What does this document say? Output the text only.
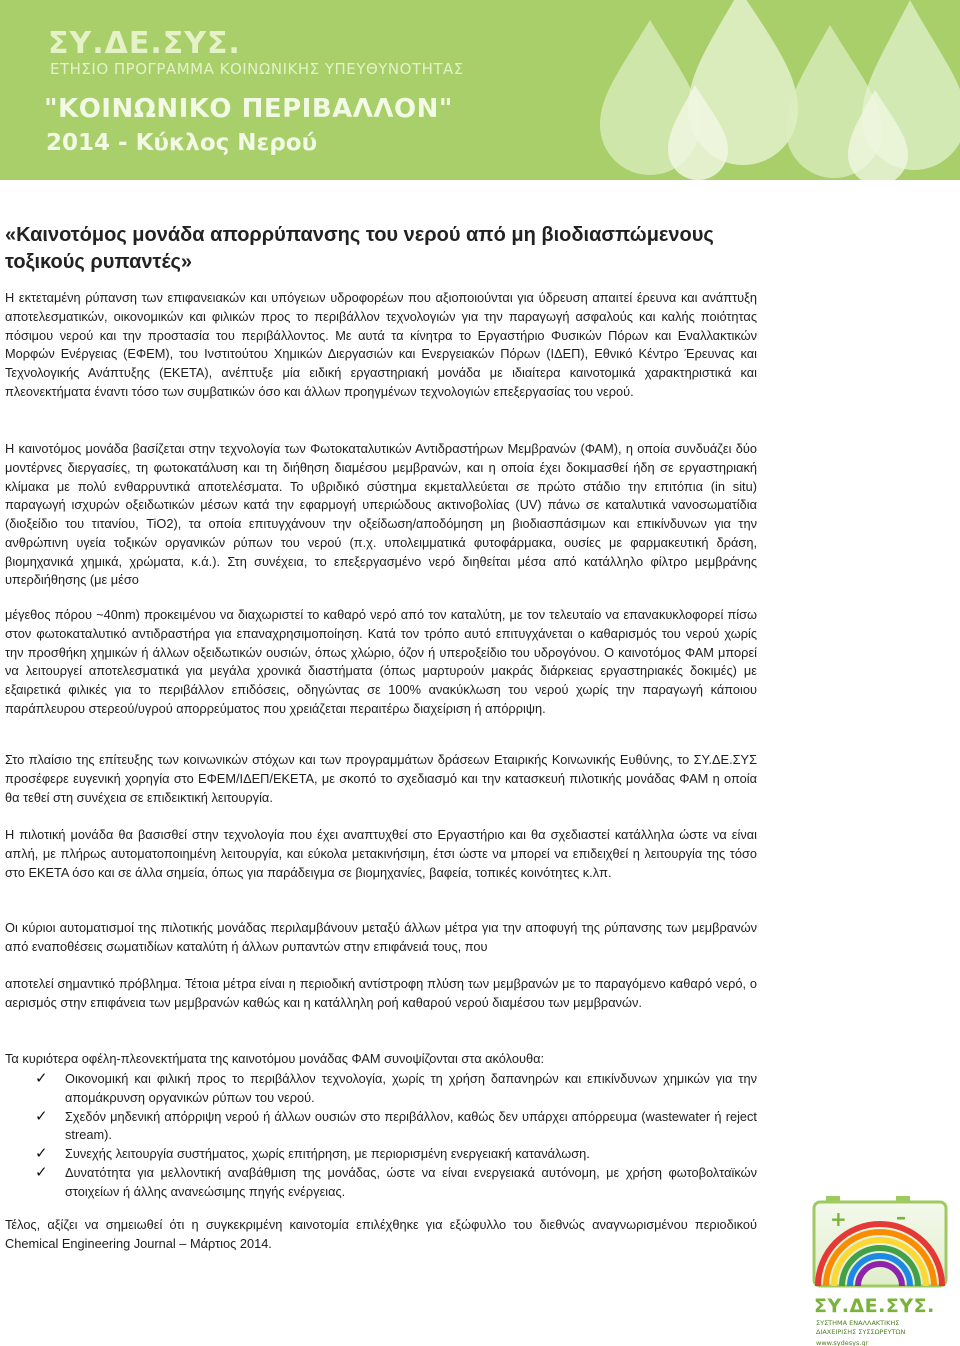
ΣΥ.ΔΕ.ΣΥΣ.
ΕΤΗΣΙΟ ΠΡΟΓΡΑΜΜΑ ΚΟΙΝΩΝΙΚΗΣ ΥΠΕΥΘΥΝΟΤΗΤΑΣ
"ΚΟΙΝΩΝΙΚΟ ΠΕΡΙΒΑΛΛΟΝ"
2014 - Κύκλος Νερού
«Καινοτόμος μονάδα απορρύπανσης του νερού από μη βιοδιασπώμενους
τοξικούς ρυπαντές»

Η εκτεταμένη ρύπανση των επιφανειακών και υπόγειων υδροφορέων που αξιοποιούνται για ύδρευση απαιτεί έρευνα και ανάπτυξη αποτελεσματικών, οικονομικών και φιλικών προς το περιβάλλον τεχνολογιών για την παραγωγή ασφαλούς και καλής ποιότητας πόσιμου νερού και την προστασία του περιβάλλοντος. Με αυτά τα κίνητρα το Εργαστήριο Φυσικών Πόρων και Εναλλακτικών Μορφών Ενέργειας (ΕΦΕΜ), του Ινστιτούτου Χημικών Διεργασιών και Ενεργειακών Πόρων (ΙΔΕΠ), Εθνικό Κέντρο Έρευνας και Τεχνολογικής Ανάπτυξης (ΕΚΕΤΑ), ανέπτυξε μία ειδική εργαστηριακή μονάδα με ιδιαίτερα καινοτομικά χαρακτηριστικά και πλεονεκτήματα έναντι τόσο των συμβατικών όσο και άλλων προηγμένων τεχνολογιών επεξεργασίας του νερού.

Η καινοτόμος μονάδα βασίζεται στην τεχνολογία των Φωτοκαταλυτικών Αντιδραστήρων Μεμβρανών (ΦΑΜ), η οποία συνδυάζει δύο μοντέρνες διεργασίες, τη φωτοκατάλυση και τη διήθηση διαμέσου μεμβρανών, και η οποία έχει δοκιμασθεί ήδη σε εργαστηριακή κλίμακα με πολύ ενθαρρυντικά αποτελέσματα. Το υβριδικό σύστημα εκμεταλλεύεται σε πρώτο στάδιο την επιτόπια (in situ) παραγωγή ισχυρών οξειδωτικών μέσων κατά την εφαρμογή υπεριώδους ακτινοβολίας (UV) πάνω σε καταλυτικά νανοσωματίδια (διοξείδιο του τιτανίου, TiO2), τα οποία επιτυγχάνουν την οξείδωση/αποδόμηση μη βιοδιασπάσιμων και επικίνδυνων για την ανθρώπινη υγεία τοξικών οργανικών ρύπων του νερού (π.χ. υπολειμματικά φυτοφάρμακα, ουσίες με φαρμακευτική δράση, βιομηχανικά χημικά, χρώματα, κ.ά.). Στη συνέχεια, το επεξεργασμένο νερό διηθείται μέσα από κατάλληλο φίλτρο μεμβράνης υπερδιήθησης (με μέσο

μέγεθος πόρου ~40nm) προκειμένου να διαχωριστεί το καθαρό νερό από τον καταλύτη, με τον τελευταίο να επανακυκλοφορεί πίσω στον φωτοκαταλυτικό αντιδραστήρα για επαναχρησιμοποίηση. Κατά τον τρόπο αυτό επιτυγχάνεται ο καθαρισμός του νερού χωρίς την προσθήκη χημικών ή άλλων οξειδωτικών ουσιών, όπως χλώριο, όζον ή υπεροξείδιο του υδρογόνου. Ο καινοτόμος ΦΑΜ μπορεί να λειτουργεί αποτελεσματικά για μεγάλα χρονικά διαστήματα (όπως μαρτυρούν μακράς διάρκειας εργαστηριακές δοκιμές) με εξαιρετικά φιλικές για το περιβάλλον επιδόσεις, οδηγώντας σε 100% ανακύκλωση του νερού χωρίς την παραγωγή κάποιου παράπλευρου στερεού/υγρού απορρεύματος που χρειάζεται περαιτέρω διαχείριση ή απόρριψη.

Στο πλαίσιο της επίτευξης των κοινωνικών στόχων και των προγραμμάτων δράσεων Εταιρικής Κοινωνικής Ευθύνης, το ΣΥ.ΔΕ.ΣΥΣ προσέφερε ευγενική χορηγία στο ΕΦΕΜ/ΙΔΕΠ/ΕΚΕΤΑ, με σκοπό το σχεδιασμό και την κατασκευή πιλοτικής μονάδας ΦΑΜ η οποία θα τεθεί στη συνέχεια σε επιδεικτική λειτουργία.

Η πιλοτική μονάδα θα βασισθεί στην τεχνολογία που έχει αναπτυχθεί στο Εργαστήριο και θα σχεδιαστεί κατάλληλα ώστε να είναι απλή, με πλήρως αυτοματοποιημένη λειτουργία, και εύκολα μετακινήσιμη, έτσι ώστε να μπορεί να επιδειχθεί η λειτουργία της τόσο στο ΕΚΕΤΑ όσο και σε άλλα σημεία, όπως για παράδειγμα σε βιομηχανίες, βαφεία, τοπικές κοινότητες κ.λπ.

Οι κύριοι αυτοματισμοί της πιλοτικής μονάδας περιλαμβάνουν μεταξύ άλλων μέτρα για την αποφυγή της ρύπανσης των μεμβρανών από εναποθέσεις σωματιδίων καταλύτη ή άλλων ρυπαντών στην επιφάνειά τους, που

αποτελεί σημαντικό πρόβλημα. Τέτοια μέτρα είναι η περιοδική αντίστροφη πλύση των μεμβρανών με το παραγόμενο καθαρό νερό, ο αερισμός στην επιφάνεια των μεμβρανών καθώς και η κατάλληλη ροή καθαρού νερού διαμέσου των μεμβρανών.

Τα κυριότερα οφέλη-πλεονεκτήματα της καινοτόμου μονάδας ΦΑΜ συνοψίζονται στα ακόλουθα:

✓	Οικονομική και φιλική προς το περιβάλλον τεχνολογία, χωρίς τη χρήση δαπανηρών και επικίνδυνων χημικών για την απομάκρυνση οργανικών ρύπων του νερού.
✓	Σχεδόν μηδενική απόρριψη νερού ή άλλων ουσιών στο περιβάλλον, καθώς δεν υπάρχει απόρρευμα (wastewater ή reject stream).
✓	Συνεχής λειτουργία συστήματος, χωρίς επιτήρηση, με περιορισμένη ενεργειακή κατανάλωση.
✓	Δυνατότητα για μελλοντική αναβάθμιση της μονάδας, ώστε να είναι ενεργειακά αυτόνομη, με χρήση φωτοβολταϊκών στοιχείων ή άλλης ανανεώσιμης πηγής ενέργειας.

Τέλος, αξίζει να σημειωθεί ότι η συγκεκριμένη καινοτομία επιλέχθηκε για εξώφυλλο του διεθνώς αναγνωρισμένου περιοδικού Chemical Engineering Journal – Μάρτιος 2014.

+ –
ΣΥ.ΔΕ.ΣΥΣ.
ΣΥΣΤΗΜΑ ΕΝΑΛΛΑΚΤΙΚΗΣ
ΔΙΑΧΕΙΡΙΣΗΣ ΣΥΣΣΩΡΕΥΤΩΝ
www.sydesys.gr
